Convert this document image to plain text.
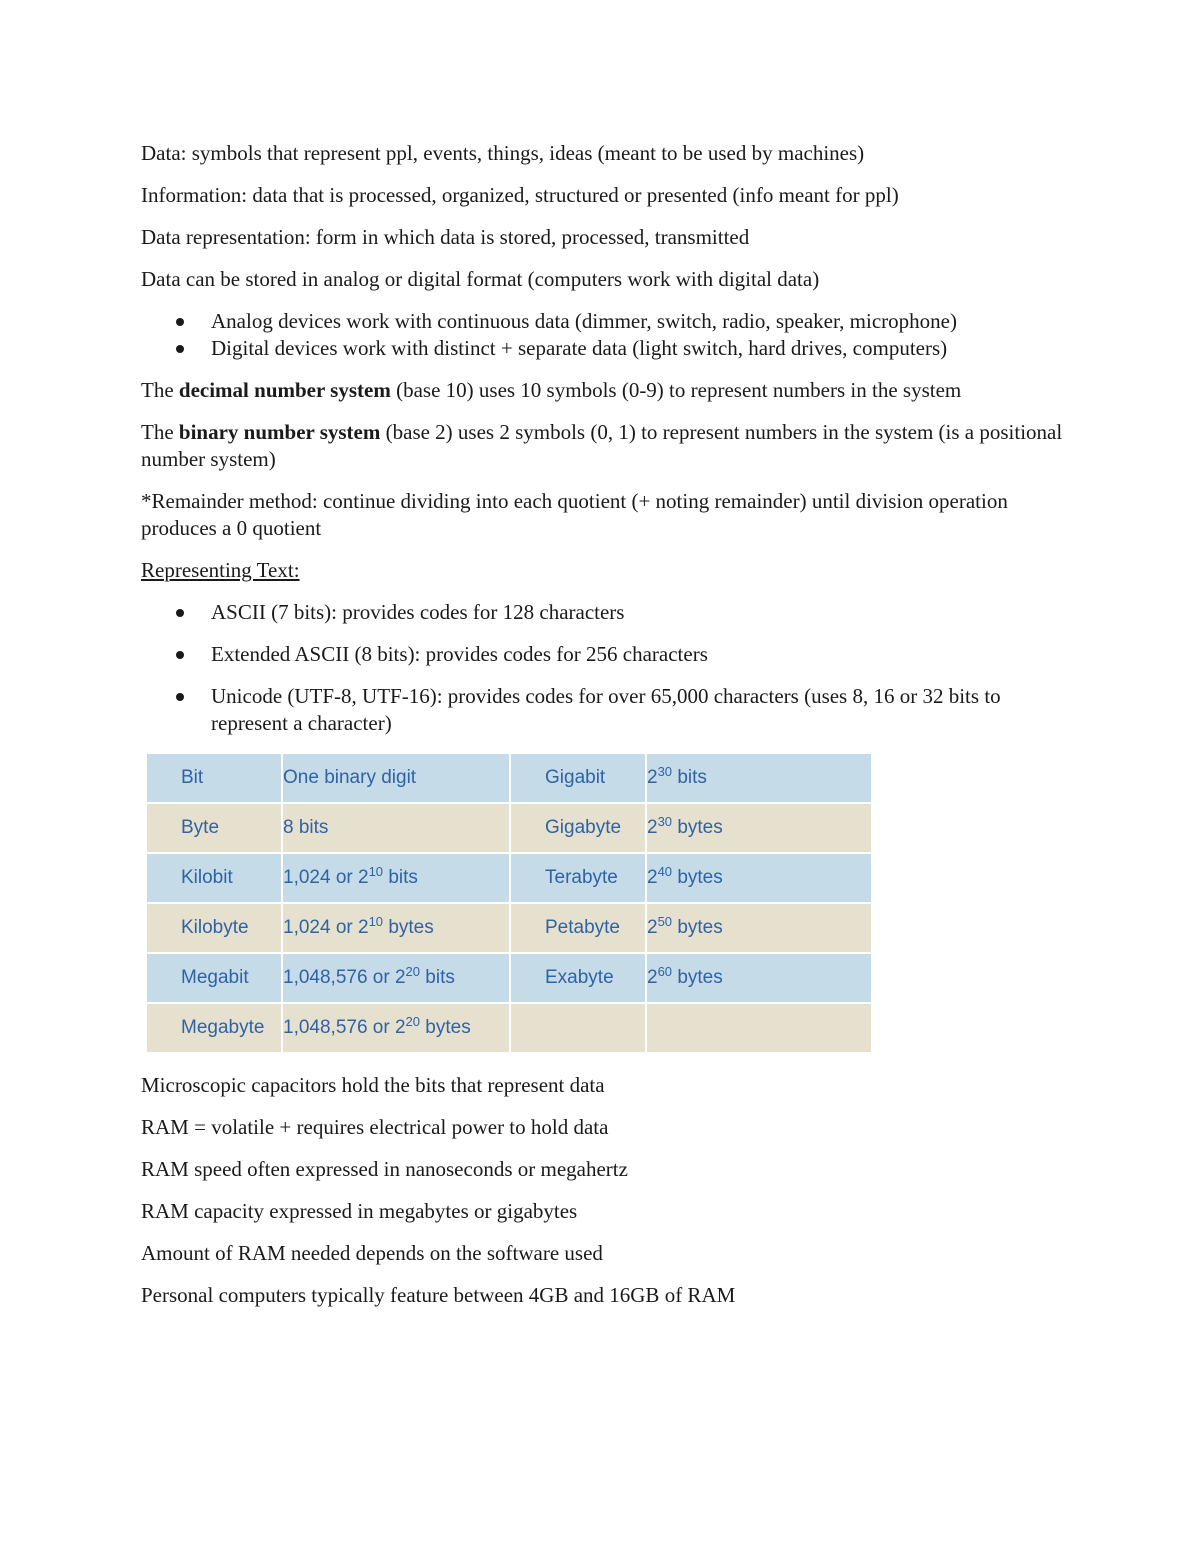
Data: symbols that represent ppl, events, things, ideas (meant to be used by machines)

Information: data that is processed, organized, structured or presented (info meant for ppl)

Data representation: form in which data is stored, processed, transmitted

Data can be stored in analog or digital format (computers work with digital data)

Analog devices work with continuous data (dimmer, switch, radio, speaker, microphone)
Digital devices work with distinct + separate data (light switch, hard drives, computers)

The decimal number system (base 10) uses 10 symbols (0-9) to represent numbers in the system

The binary number system (base 2) uses 2 symbols (0, 1) to represent numbers in the system (is a positional number system)

*Remainder method: continue dividing into each quotient (+ noting remainder) until division operation produces a 0 quotient

Representing Text:

ASCII (7 bits): provides codes for 128 characters
Extended ASCII (8 bits): provides codes for 256 characters
Unicode (UTF-8, UTF-16): provides codes for over 65,000 characters (uses 8, 16 or 32 bits to represent a character)
Bit	One binary digit	Gigabit	$2^{30}$ bits
Byte	8 bits	Gigabyte	$2^{30}$ bytes
Kilobit	1,024 or $2^{10}$ bits	Terabyte	$2^{40}$ bytes
Kilobyte	1,024 or $2^{10}$ bytes	Petabyte	$2^{50}$ bytes
Megabit	1,048,576 or $2^{20}$ bits	Exabyte	$2^{60}$ bytes
Megabyte	1,048,576 or $2^{20}$ bytes		

Microscopic capacitors hold the bits that represent data

RAM = volatile + requires electrical power to hold data

RAM speed often expressed in nanoseconds or megahertz

RAM capacity expressed in megabytes or gigabytes

Amount of RAM needed depends on the software used

Personal computers typically feature between 4GB and 16GB of RAM
